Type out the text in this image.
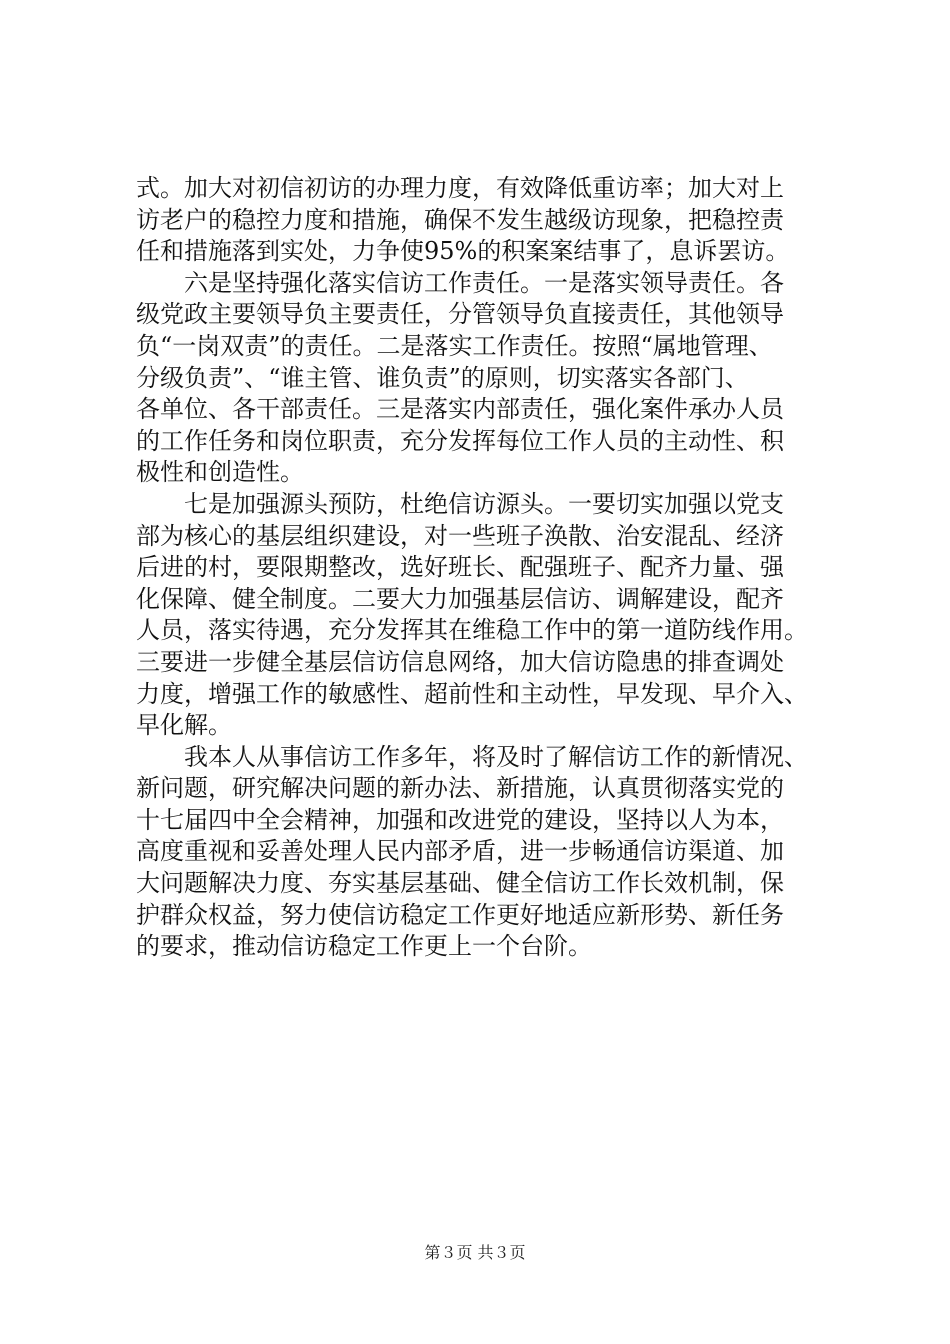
式。加大对初信初访的办理力度，有效降低重访率；加大对上
访老户的稳控力度和措施，确保不发生越级访现象，把稳控责
任和措施落到实处，力争使95%的积案案结事了，息诉罢访。
六是坚持强化落实信访工作责任。一是落实领导责任。各
级党政主要领导负主要责任，分管领导负直接责任，其他领导
负“一岗双责”的责任。二是落实工作责任。按照“属地管理、
分级负责”、“谁主管、谁负责”的原则，切实落实各部门、
各单位、各干部责任。三是落实内部责任，强化案件承办人员
的工作任务和岗位职责，充分发挥每位工作人员的主动性、积
极性和创造性。
七是加强源头预防，杜绝信访源头。一要切实加强以党支
部为核心的基层组织建设，对一些班子涣散、治安混乱、经济
后进的村，要限期整改，选好班长、配强班子、配齐力量、强
化保障、健全制度。二要大力加强基层信访、调解建设，配齐
人员，落实待遇，充分发挥其在维稳工作中的第一道防线作用。
三要进一步健全基层信访信息网络，加大信访隐患的排查调处
力度，增强工作的敏感性、超前性和主动性，早发现、早介入、
早化解。
我本人从事信访工作多年，将及时了解信访工作的新情况、
新问题，研究解决问题的新办法、新措施，认真贯彻落实党的
十七届四中全会精神，加强和改进党的建设，坚持以人为本，
高度重视和妥善处理人民内部矛盾，进一步畅通信访渠道、加
大问题解决力度、夯实基层基础、健全信访工作长效机制，保
护群众权益，努力使信访稳定工作更好地适应新形势、新任务
的要求，推动信访稳定工作更上一个台阶。
第３页 共３页
